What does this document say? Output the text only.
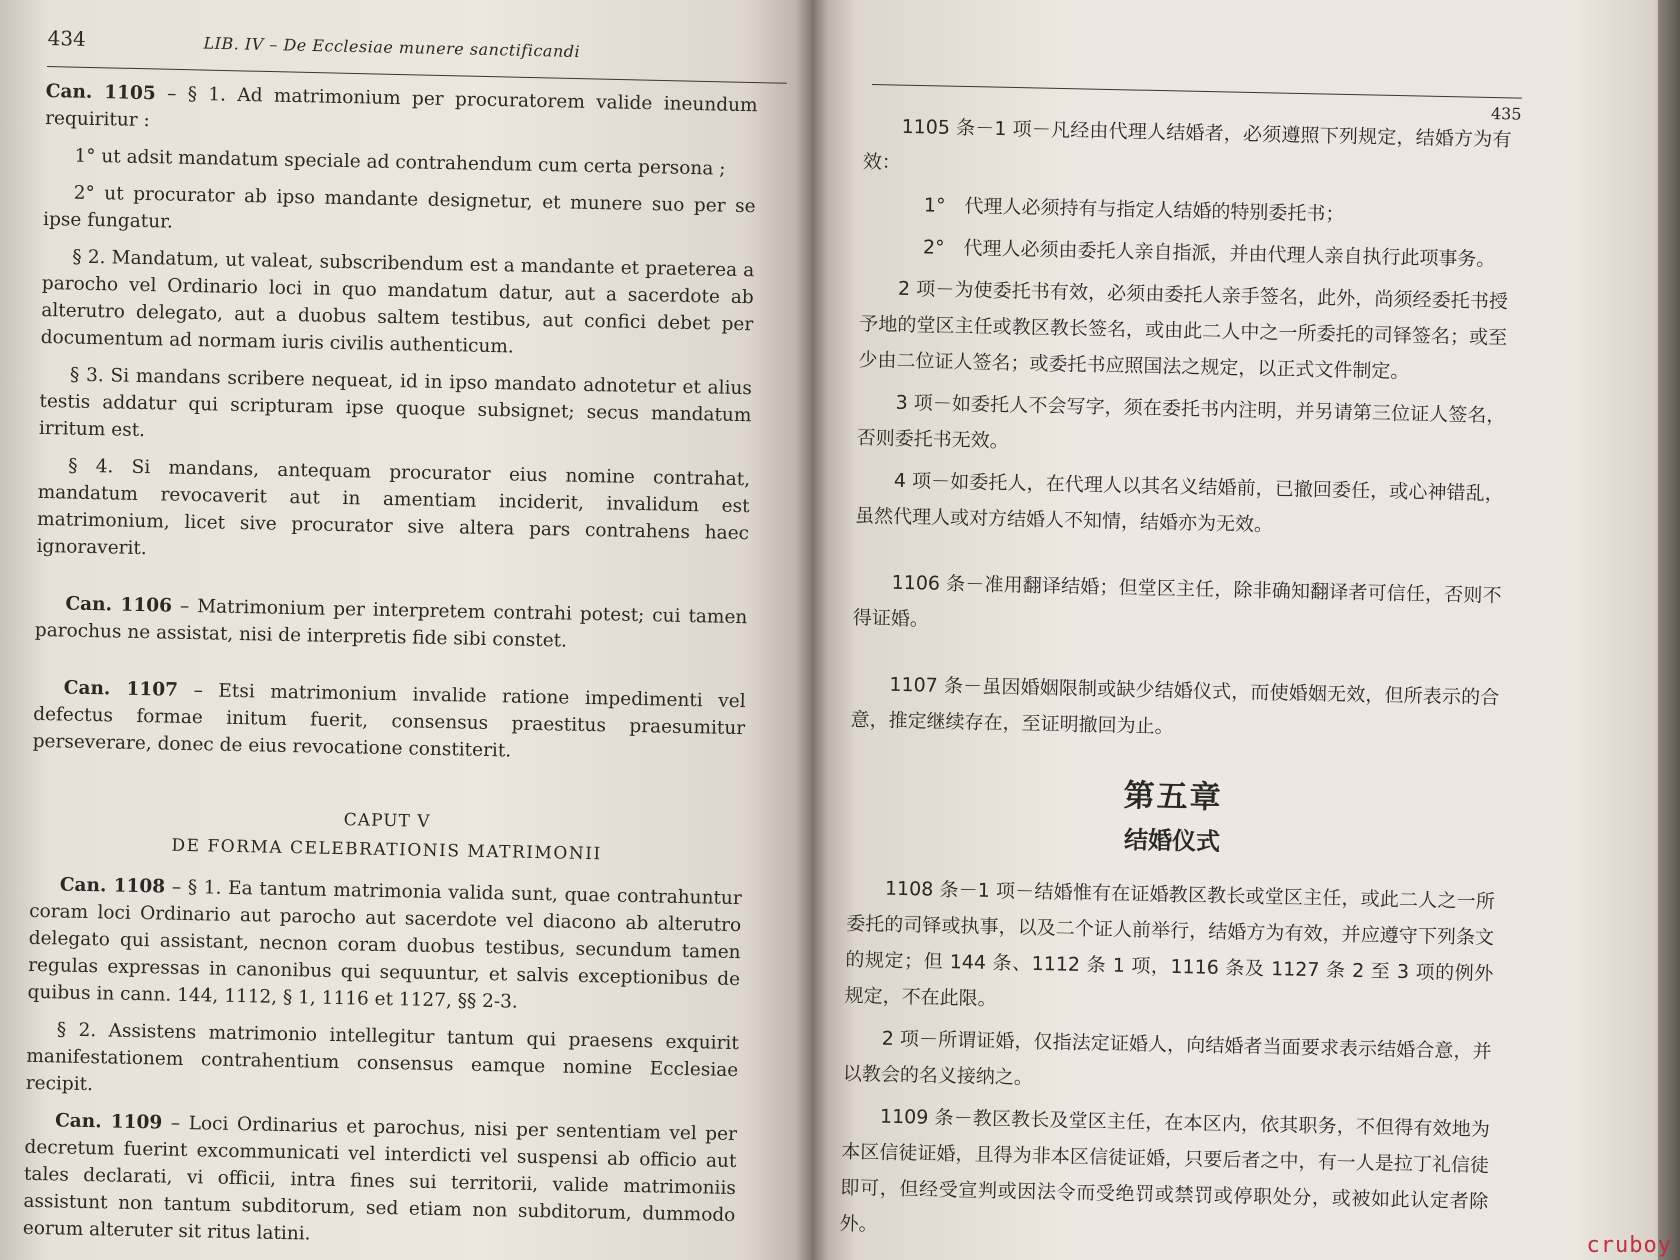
434	LIB. IV – De Ecclesiae munere sanctificandi

Can. 1105 – § 1. Ad matrimonium per procuratorem valide ineundum requiritur :

1° ut adsit mandatum speciale ad contrahendum cum certa persona ;

2° ut procurator ab ipso mandante designetur, et munere suo per se ipse fungatur.

§ 2. Mandatum, ut valeat, subscribendum est a mandante et praeterea a parocho vel Ordinario loci in quo mandatum datur, aut a sacerdote ab alterutro delegato, aut a duobus saltem testibus, aut confici debet per documentum ad normam iuris civilis authenticum.

§ 3. Si mandans scribere nequeat, id in ipso mandato adnotetur et alius testis addatur qui scripturam ipse quoque subsignet; secus mandatum irritum est.

§ 4. Si mandans, antequam procurator eius nomine contrahat, mandatum revocaverit aut in amentiam inciderit, invalidum est matrimonium, licet sive procurator sive altera pars contrahens haec ignoraverit.

Can. 1106 – Matrimonium per interpretem contrahi potest; cui tamen parochus ne assistat, nisi de interpretis fide sibi constet.

Can. 1107 – Etsi matrimonium invalide ratione impedimenti vel defectus formae initum fuerit, consensus praestitus praesumitur perseverare, donec de eius revocatione constiterit.

CAPUT V

DE FORMA CELEBRATIONIS MATRIMONII

Can. 1108 – § 1. Ea tantum matrimonia valida sunt, quae contrahuntur coram loci Ordinario aut parocho aut sacerdote vel diacono ab alterutro delegato qui assistant, necnon coram duobus testibus, secundum tamen regulas expressas in canonibus qui sequuntur, et salvis exceptionibus de quibus in cann. 144, 1112, § 1, 1116 et 1127, §§ 2-3.

§ 2. Assistens matrimonio intellegitur tantum qui praesens exquirit manifestationem contrahentium consensus eamque nomine Ecclesiae recipit.

Can. 1109 – Loci Ordinarius et parochus, nisi per sententiam vel per decretum fuerint excommunicati vel interdicti vel suspensi ab officio aut tales declarati, vi officii, intra fines sui territorii, valide matrimoniis assistunt non tantum subditorum, sed etiam non subditorum, dummodo eorum alteruter sit ritus latini.

435

1105 条－1 项－凡经由代理人结婚者，必须遵照下列规定，结婚方为有效：

1°　代理人必须持有与指定人结婚的特别委托书；

2°　代理人必须由委托人亲自指派，并由代理人亲自执行此项事务。

2 项－为使委托书有效，必须由委托人亲手签名，此外，尚须经委托书授予地的堂区主任或教区教长签名，或由此二人中之一所委托的司铎签名；或至少由二位证人签名；或委托书应照国法之规定，以正式文件制定。

3 项－如委托人不会写字，须在委托书内注明，并另请第三位证人签名，否则委托书无效。

4 项－如委托人，在代理人以其名义结婚前，已撤回委任，或心神错乱，虽然代理人或对方结婚人不知情，结婚亦为无效。

1106 条－准用翻译结婚；但堂区主任，除非确知翻译者可信任，否则不得证婚。

1107 条－虽因婚姻限制或缺少结婚仪式，而使婚姻无效，但所表示的合意，推定继续存在，至证明撤回为止。

第五章

结婚仪式

1108 条－1 项－结婚惟有在证婚教区教长或堂区主任，或此二人之一所委托的司铎或执事，以及二个证人前举行，结婚方为有效，并应遵守下列条文的规定；但 144 条、1112 条 1 项，1116 条及 1127 条 2 至 3 项的例外规定，不在此限。

2 项－所谓证婚，仅指法定证婚人，向结婚者当面要求表示结婚合意，并以教会的名义接纳之。

1109 条－教区教长及堂区主任，在本区内，依其职务，不但得有效地为本区信徒证婚，且得为非本区信徒证婚，只要后者之中，有一人是拉丁礼信徒即可，但经受宣判或因法令而受绝罚或禁罚或停职处分，或被如此认定者除外。

cruboy
